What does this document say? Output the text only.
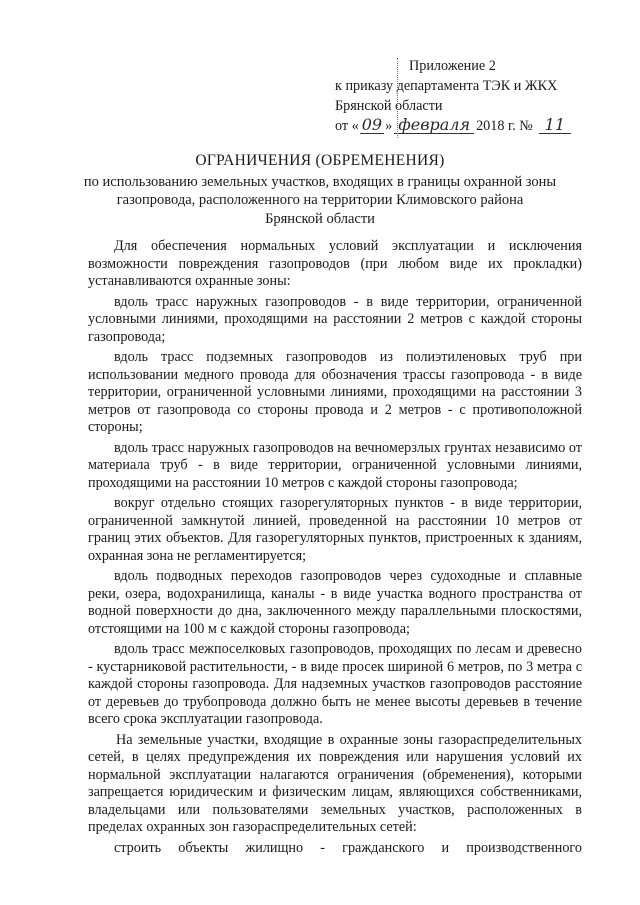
Приложение 2
к приказу департамента ТЭК и ЖКХ
Брянской области
от « 09 » февраля 2018 г. № 11
ОГРАНИЧЕНИЯ (ОБРЕМЕНЕНИЯ)
по использованию земельных участков, входящих в границы охранной зоны
газопровода, расположенного на территории Климовского района
Брянской области

Для обеспечения нормальных условий эксплуатации и исключения возможности повреждения газопроводов (при любом виде их прокладки) устанавливаются охранные зоны:

вдоль трасс наружных газопроводов - в виде территории, ограниченной условными линиями, проходящими на расстоянии 2 метров с каждой стороны газопровода;

вдоль трасс подземных газопроводов из полиэтиленовых труб при использовании медного провода для обозначения трассы газопровода - в виде территории, ограниченной условными линиями, проходящими на расстоянии 3 метров от газопровода со стороны провода и 2 метров - с противоположной стороны;

вдоль трасс наружных газопроводов на вечномерзлых грунтах независимо от материала труб - в виде территории, ограниченной условными линиями, проходящими на расстоянии 10 метров с каждой стороны газопровода;

вокруг отдельно стоящих газорегуляторных пунктов - в виде территории, ограниченной замкнутой линией, проведенной на расстоянии 10 метров от границ этих объектов. Для газорегуляторных пунктов, пристроенных к зданиям, охранная зона не регламентируется;

вдоль подводных переходов газопроводов через судоходные и сплавные реки, озера, водохранилища, каналы - в виде участка водного пространства от водной поверхности до дна, заключенного между параллельными плоскостями, отстоящими на 100 м с каждой стороны газопровода;

вдоль трасс межпоселковых газопроводов, проходящих по лесам и древесно - кустарниковой растительности, - в виде просек шириной 6 метров, по 3 метра с каждой стороны газопровода. Для надземных участков газопроводов расстояние от деревьев до трубопровода должно быть не менее высоты деревьев в течение всего срока эксплуатации газопровода.

На земельные участки, входящие в охранные зоны газораспределительных сетей, в целях предупреждения их повреждения или нарушения условий их нормальной эксплуатации налагаются ограничения (обременения), которыми запрещается юридическим и физическим лицам, являющихся собственниками, владельцами или пользователями земельных участков, расположенных в пределах охранных зон газораспределительных сетей:

строить объекты жилищно - гражданского и производственного
